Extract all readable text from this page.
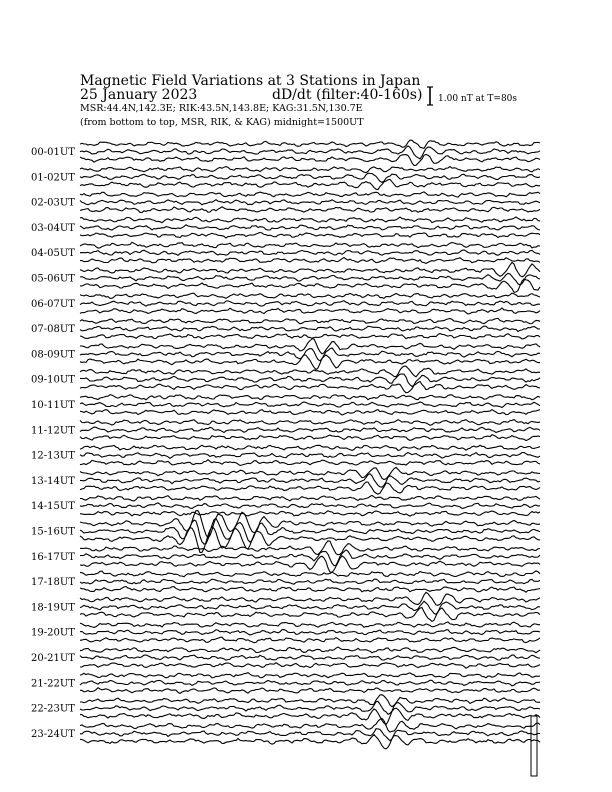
Magnetic Field Variations at 3 Stations in Japan
25 January 2023	dD/dt (filter:40-160s)
MSR:44.4N,142.3E; RIK:43.5N,143.8E; KAG:31.5N,130.7E
(from bottom to top, MSR, RIK, & KAG) midnight=1500UT
1.00 nT at T=80s
00-01UT
01-02UT
02-03UT
03-04UT
04-05UT
05-06UT
06-07UT
07-08UT
08-09UT
09-10UT
10-11UT
11-12UT
12-13UT
13-14UT
14-15UT
15-16UT
16-17UT
17-18UT
18-19UT
19-20UT
20-21UT
21-22UT
22-23UT
23-24UT
